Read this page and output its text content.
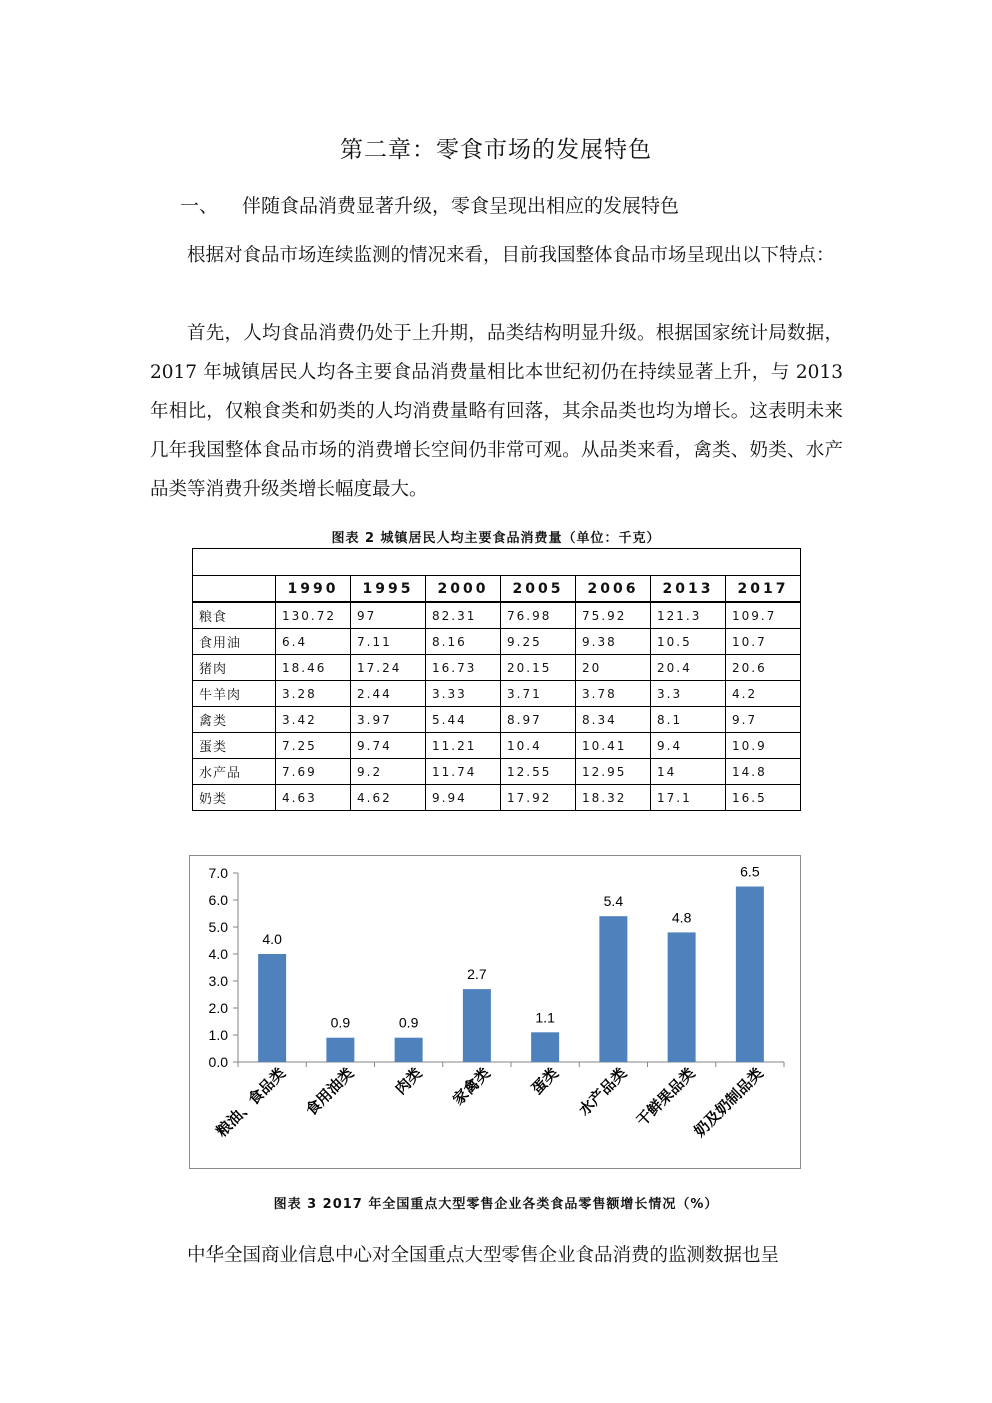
第二章：零食市场的发展特色
一、 伴随食品消费显著升级，零食呈现出相应的发展特色
根据对食品市场连续监测的情况来看，目前我国整体食品市场呈现出以下特点：
首先，人均食品消费仍处于上升期，品类结构明显升级。根据国家统计局数据，2017 年城镇居民人均各主要食品消费量相比本世纪初仍在持续显著上升，与 2013 年相比，仅粮食类和奶类的人均消费量略有回落，其余品类也均为增长。这表明未来几年我国整体食品市场的消费增长空间仍非常可观。从品类来看，禽类、奶类、水产品类等消费升级类增长幅度最大。
图表 2 城镇居民人均主要食品消费量（单位：千克）

	1990	1995	2000	2005	2006	2013	2017
粮食	130.72	97	82.31	76.98	75.92	121.3	109.7
食用油	6.4	7.11	8.16	9.25	9.38	10.5	10.7
猪肉	18.46	17.24	16.73	20.15	20	20.4	20.6
牛羊肉	3.28	2.44	3.33	3.71	3.78	3.3	4.2
禽类	3.42	3.97	5.44	8.97	8.34	8.1	9.7
蛋类	7.25	9.74	11.21	10.4	10.41	9.4	10.9
水产品	7.69	9.2	11.74	12.55	12.95	14	14.8
奶类	4.63	4.62	9.94	17.92	18.32	17.1	16.5
0.0
1.0
2.0
3.0
4.0
5.0
6.0
7.0
4.0
粮油、食品类
0.9
食用油类
0.9
肉类
2.7
家禽类
1.1
蛋类
5.4
水产品类
4.8
干鲜果品类
6.5
奶及奶制品类
图表 3 2017 年全国重点大型零售企业各类食品零售额增长情况（%）
中华全国商业信息中心对全国重点大型零售企业食品消费的监测数据也呈
